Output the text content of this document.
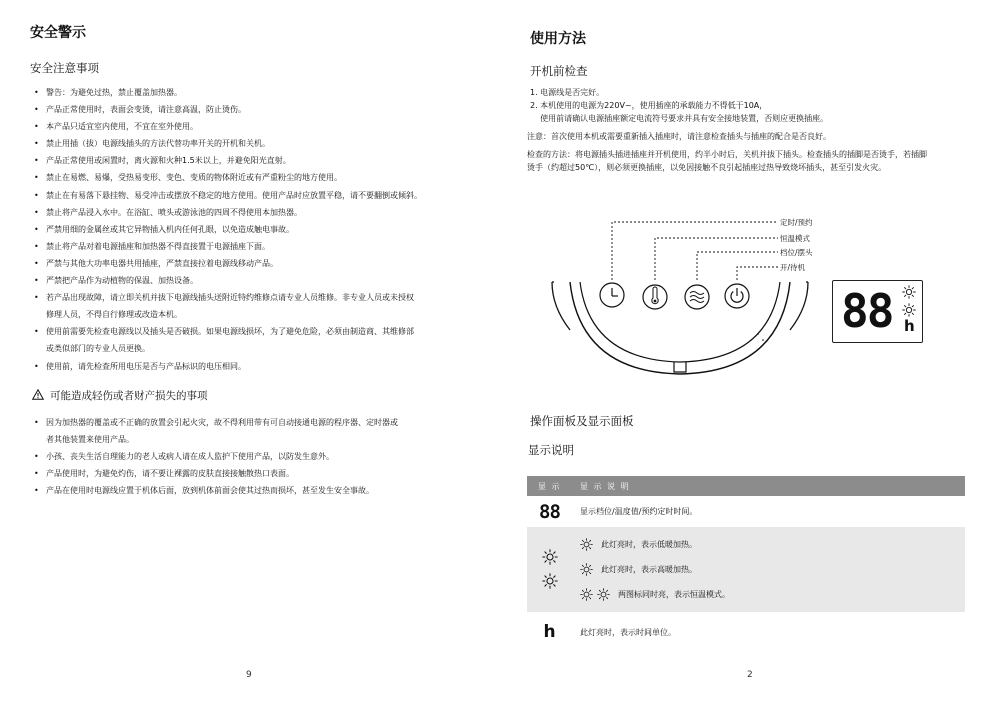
安全警示
安全注意事项
• 警告：为避免过热，禁止覆盖加热器。
• 产品正常使用时，表面会变烫，请注意高温，防止烫伤。
• 本产品只适宜室内使用，不宜在室外使用。
• 禁止用插（拔）电源线插头的方法代替功率开关的开机和关机。
• 产品正常使用或闲置时，离火源和火种1.5米以上，并避免阳光直射。
• 禁止在易燃、易爆，受热易变形、变色、变质的物体附近或有严重粉尘的地方使用。
• 禁止在有易落下悬挂物、易受冲击或摆放不稳定的地方使用。使用产品时应放置平稳，请不要翻倒或倾斜。
• 禁止将产品浸入水中。在浴缸、喷头或游泳池的四周不得使用本加热器。
• 严禁用细的金属丝或其它异物插入机内任何孔眼，以免造成触电事故。
• 禁止将产品对着电源插座和加热器不得直接置于电源插座下面。
• 严禁与其他大功率电器共用插座，严禁直接拉着电源线移动产品。
• 严禁把产品作为动植物的保温、加热设备。
• 若产品出现故障，请立即关机并拔下电源线插头送附近特约维修点请专业人员维修。非专业人员或未授权
修理人员，不得自行修理或改造本机。
• 使用前需要先检查电源线以及插头是否破损。如果电源线损坏，为了避免危险，必须由制造商、其维修部
或类似部门的专业人员更换。
• 使用前，请先检查所用电压是否与产品标识的电压相同。
可能造成轻伤或者财产损失的事项
• 因为加热器的覆盖或不正确的放置会引起火灾，故不得利用带有可自动接通电源的程序器、定时器或
者其他装置来使用产品。
• 小孩、丧失生活自理能力的老人或病人请在成人监护下使用产品，以防发生意外。
• 产品使用时，为避免灼伤，请不要让裸露的皮肤直接接触散热口表面。
• 产品在使用时电源线应置于机体后面，放到机体前面会使其过热而损坏，甚至发生安全事故。
9
使用方法
开机前检查
1. 电源线是否完好。
2. 本机使用的电源为220V~，使用插座的承载能力不得低于10A，
使用前请确认电源插座额定电流符号要求并具有安全接地装置，否则应更换插座。
注意：首次使用本机或需要重新插入插座时，请注意检查插头与插座的配合是否良好。
检查的方法：将电源插头插进插座并开机使用，约半小时后，关机并拔下插头。检查插头的插脚是否烫手，若插脚
烫手（约超过50℃），则必须更换插座，以免因接触不良引起插座过热导致烧坏插头，甚至引发火灾。
定时/预约
恒温模式
档位/摆头
开/待机
88 h
操作面板及显示面板
显示说明
显 示	显 示 说 明
88	显示档位/温度值/预约定时时间。

此灯亮时，表示低暖加热。
此灯亮时，表示高暖加热。
两图标同时亮，表示恒温模式。

h	此灯亮时，表示时间单位。
2
